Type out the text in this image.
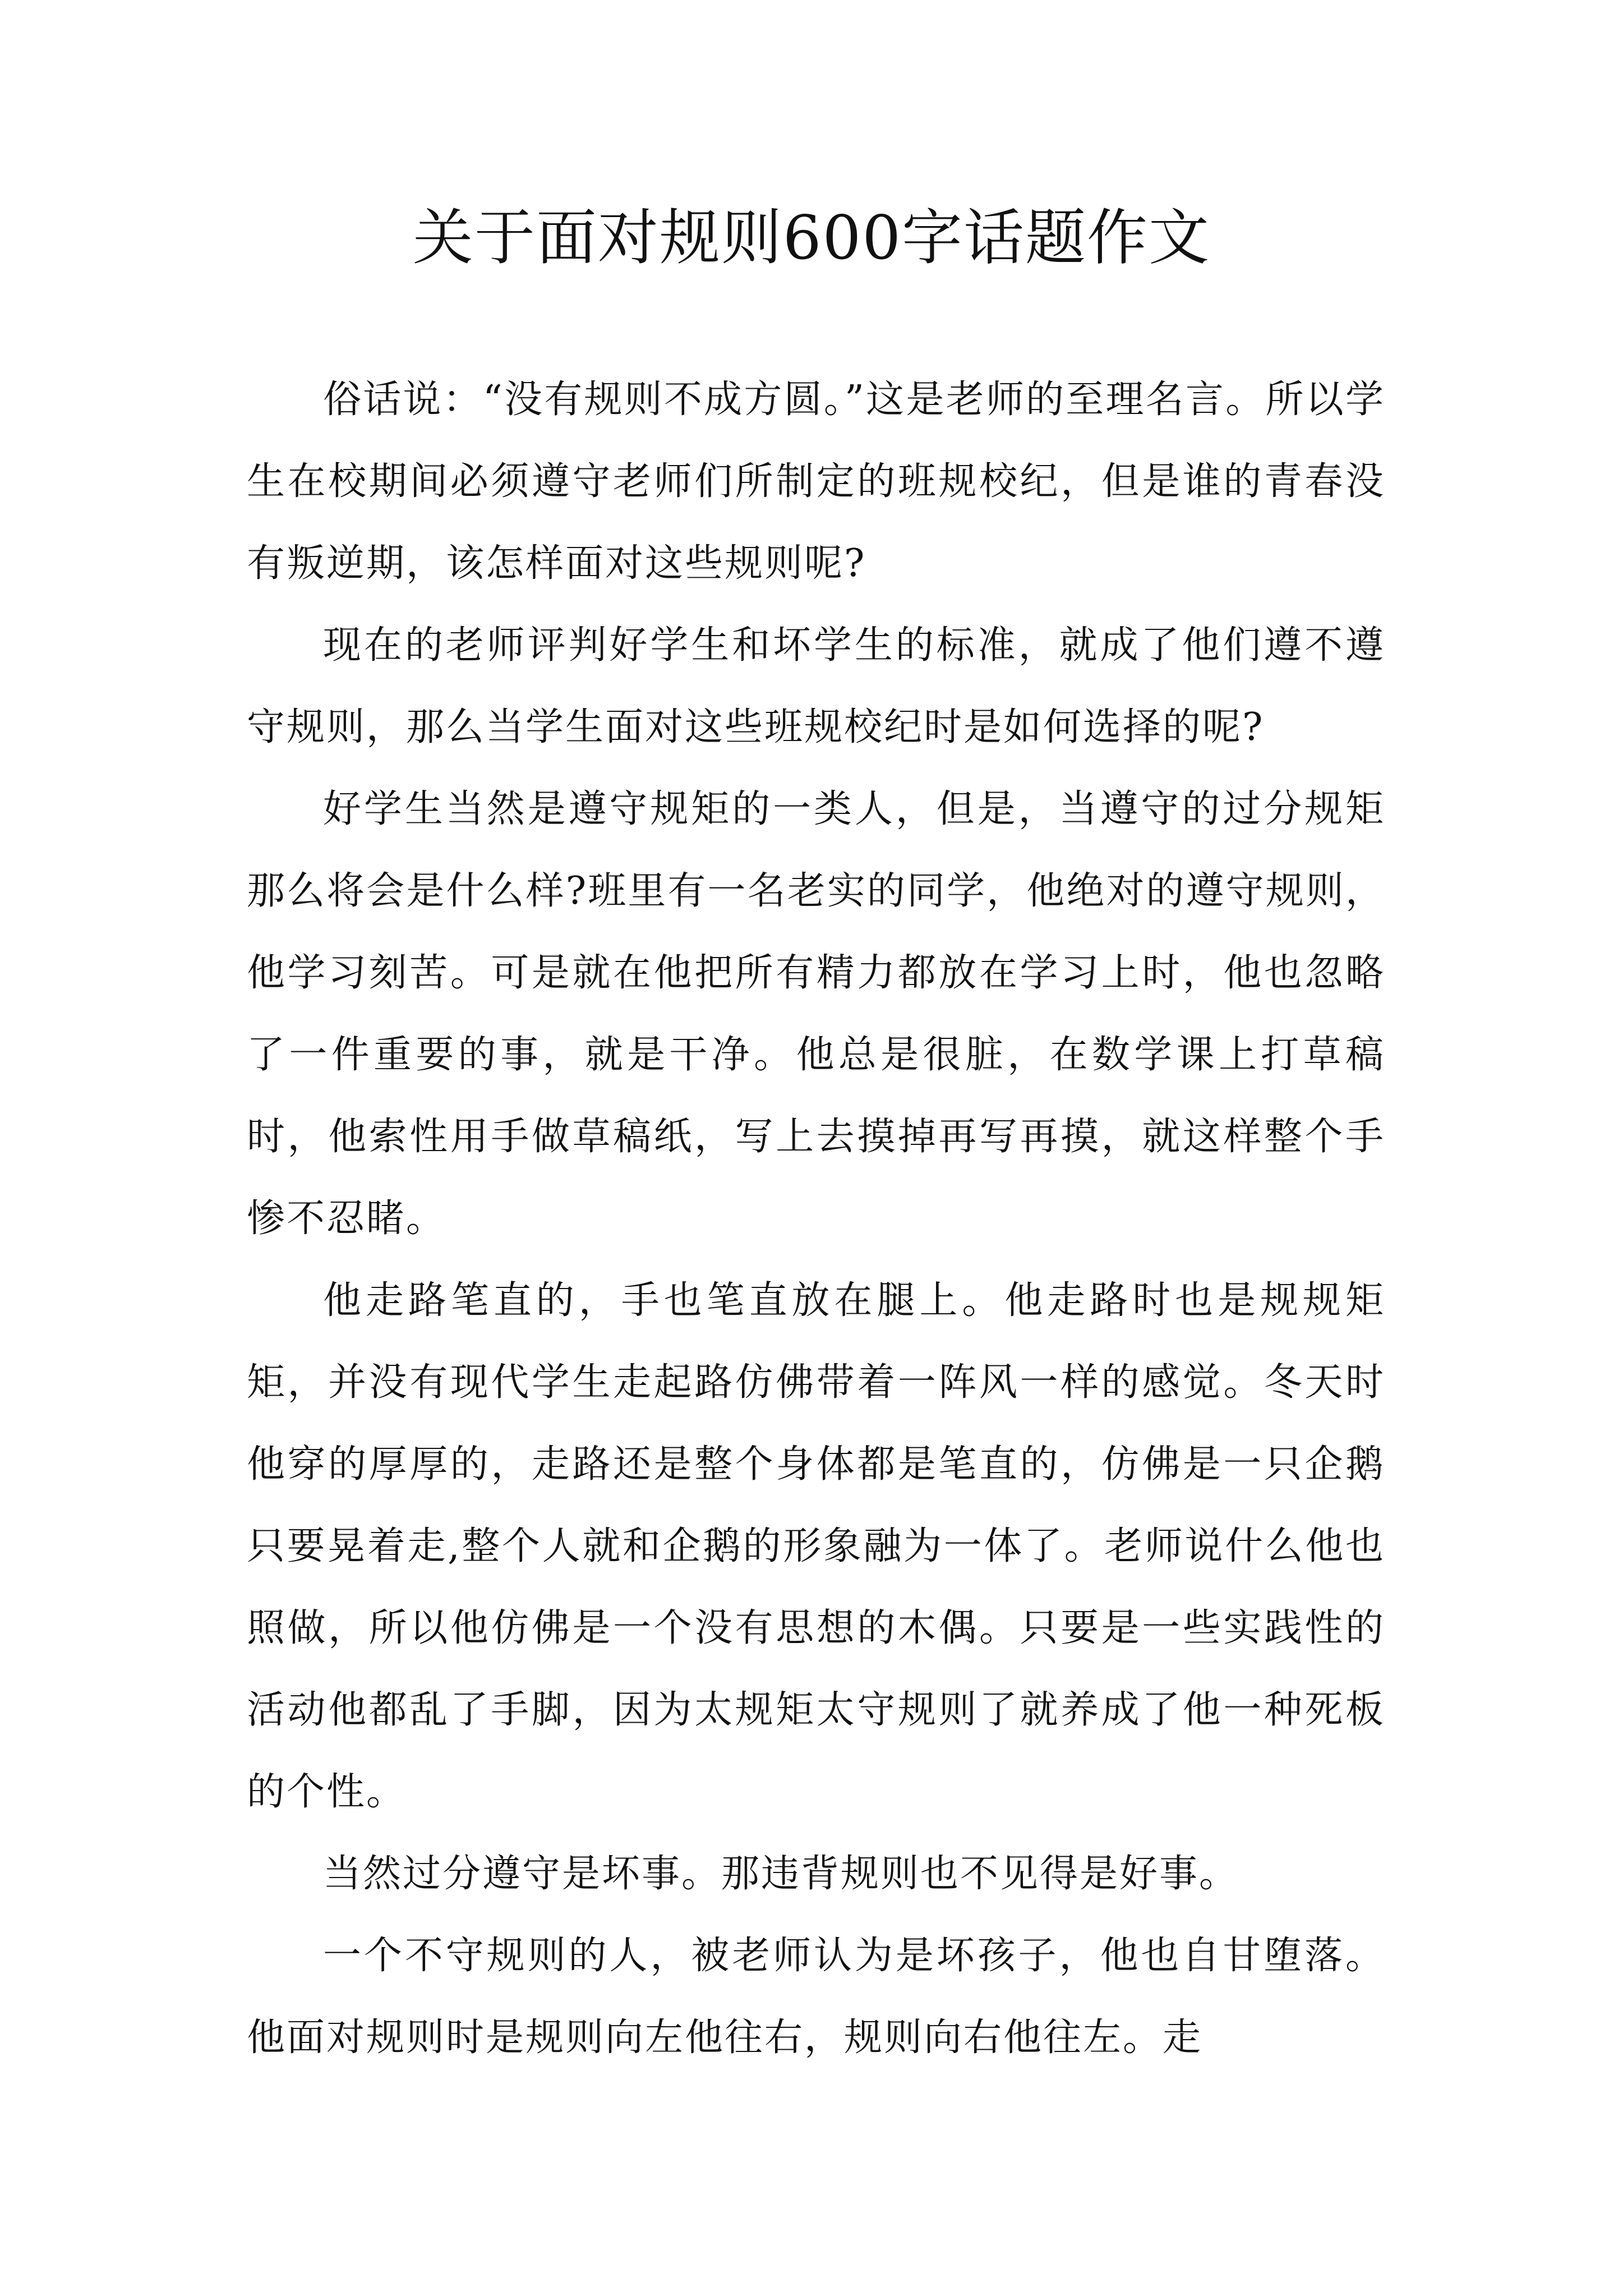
关于面对规则600字话题作文

俗话说：“没有规则不成方圆。”这是老师的至理名言。所以学生在校期间必须遵守老师们所制定的班规校纪，但是谁的青春没有叛逆期，该怎样面对这些规则呢?

现在的老师评判好学生和坏学生的标准，就成了他们遵不遵守规则，那么当学生面对这些班规校纪时是如何选择的呢?

好学生当然是遵守规矩的一类人，但是，当遵守的过分规矩那么将会是什么样?班里有一名老实的同学，他绝对的遵守规则，他学习刻苦。可是就在他把所有精力都放在学习上时，他也忽略了一件重要的事，就是干净。他总是很脏，在数学课上打草稿时，他索性用手做草稿纸，写上去摸掉再写再摸，就这样整个手惨不忍睹。

他走路笔直的，手也笔直放在腿上。他走路时也是规规矩矩，并没有现代学生走起路仿佛带着一阵风一样的感觉。冬天时他穿的厚厚的，走路还是整个身体都是笔直的，仿佛是一只企鹅只要晃着走,整个人就和企鹅的形象融为一体了。老师说什么他也照做，所以他仿佛是一个没有思想的木偶。只要是一些实践性的活动他都乱了手脚，因为太规矩太守规则了就养成了他一种死板的个性。

当然过分遵守是坏事。那违背规则也不见得是好事。

一个不守规则的人，被老师认为是坏孩子，他也自甘堕落。他面对规则时是规则向左他往右，规则向右他往左。走
